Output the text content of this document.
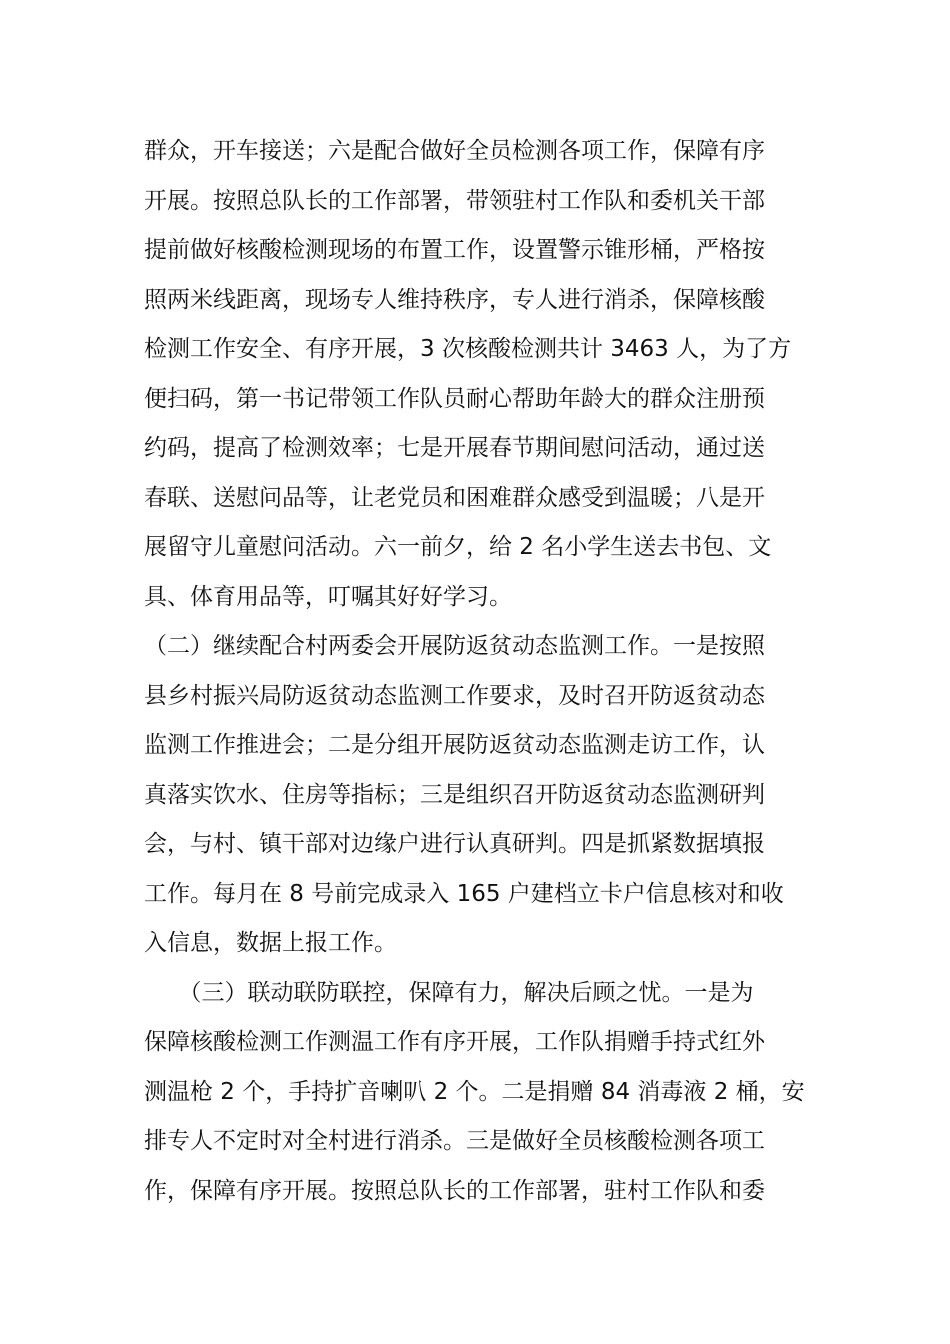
群众，开车接送；六是配合做好全员检测各项工作，保障有序
开展。按照总队长的工作部署，带领驻村工作队和委机关干部
提前做好核酸检测现场的布置工作，设置警示锥形桶，严格按
照两米线距离，现场专人维持秩序，专人进行消杀，保障核酸
检测工作安全、有序开展，3 次核酸检测共计 3463 人，为了方
便扫码，第一书记带领工作队员耐心帮助年龄大的群众注册预
约码，提高了检测效率；七是开展春节期间慰问活动，通过送
春联、送慰问品等，让老党员和困难群众感受到温暖；八是开
展留守儿童慰问活动。六一前夕，给 2 名小学生送去书包、文
具、体育用品等，叮嘱其好好学习。
（二）继续配合村两委会开展防返贫动态监测工作。一是按照
县乡村振兴局防返贫动态监测工作要求，及时召开防返贫动态
监测工作推进会；二是分组开展防返贫动态监测走访工作，认
真落实饮水、住房等指标；三是组织召开防返贫动态监测研判
会，与村、镇干部对边缘户进行认真研判。四是抓紧数据填报
工作。每月在 8 号前完成录入 165 户建档立卡户信息核对和收
入信息，数据上报工作。
　　（三）联动联防联控，保障有力，解决后顾之忧。一是为
保障核酸检测工作测温工作有序开展，工作队捐赠手持式红外
测温枪 2 个，手持扩音喇叭 2 个。二是捐赠 84 消毒液 2 桶，安
排专人不定时对全村进行消杀。三是做好全员核酸检测各项工
作，保障有序开展。按照总队长的工作部署，驻村工作队和委
